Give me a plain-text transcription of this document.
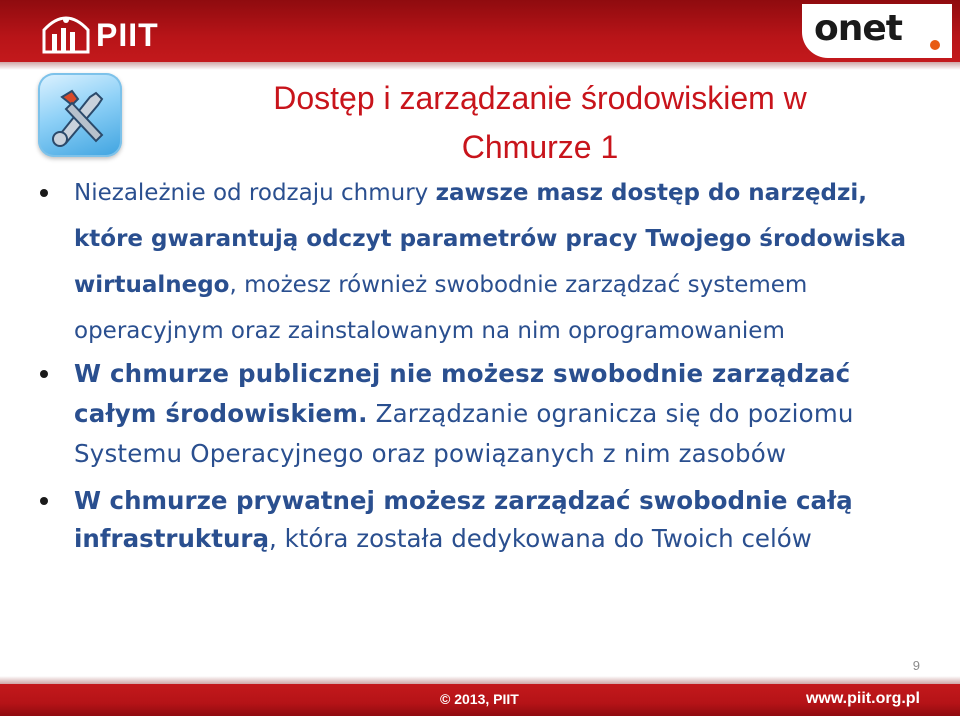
PIIT	onet
Dostęp i zarządzanie środowiskiem w
Chmurze 1
Niezależnie od rodzaju chmury zawsze masz dostęp do narzędzi, które gwarantują odczyt parametrów pracy Twojego środowiska wirtualnego, możesz również swobodnie zarządzać systemem operacyjnym oraz zainstalowanym na nim oprogramowaniem
W chmurze publicznej nie możesz swobodnie zarządzać całym środowiskiem. Zarządzanie ogranicza się do poziomu Systemu Operacyjnego oraz powiązanych z nim zasobów
W chmurze prywatnej możesz zarządzać swobodnie całą infrastrukturą, która została dedykowana do Twoich celów
9
© 2013, PIIT	www.piit.org.pl
